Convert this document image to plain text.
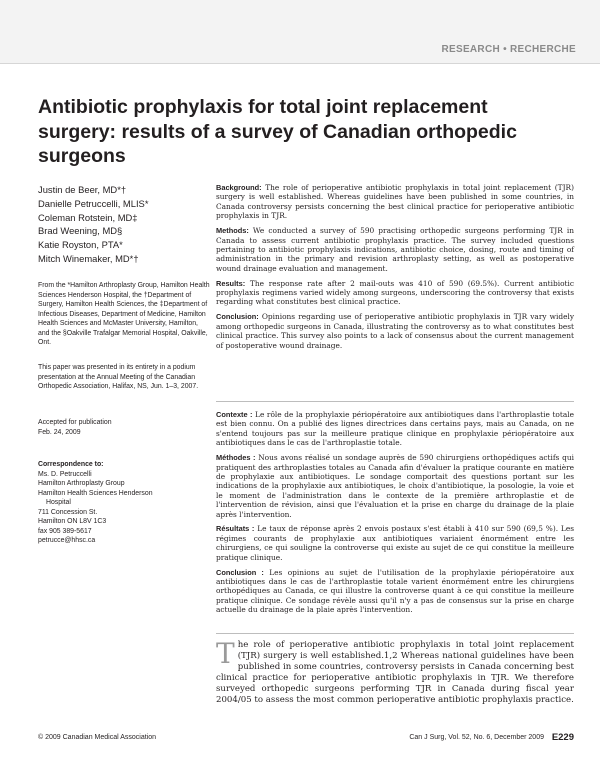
RESEARCH • RECHERCHE
Antibiotic prophylaxis for total joint replacement surgery: results of a survey of Canadian orthopedic surgeons
Justin de Beer, MD*†
Danielle Petruccelli, MLIS*
Coleman Rotstein, MD‡
Brad Weening, MD§
Katie Royston, PTA*
Mitch Winemaker, MD*†
From the *Hamilton Arthroplasty Group, Hamilton Health Sciences Henderson Hospital, the †Department of Surgery, Hamilton Health Sciences, the ‡Department of Infectious Diseases, Department of Medicine, Hamilton Health Sciences and McMaster University, Hamilton, and the §Oakville Trafalgar Memorial Hospital, Oakville, Ont.
This paper was presented in its entirety in a podium presentation at the Annual Meeting of the Canadian Orthopedic Association, Halifax, NS, Jun. 1–3, 2007.
Accepted for publication
Feb. 24, 2009
Correspondence to:
Ms. D. Petruccelli
Hamilton Arthroplasty Group
Hamilton Health Sciences Henderson
Hospital
711 Concession St.
Hamilton ON L8V 1C3
fax 905 389-5617
petrucce@hhsc.ca

Background: The role of perioperative antibiotic prophylaxis in total joint replacement (TJR) surgery is well established. Whereas guidelines have been published in some countries, in Canada controversy persists concerning the best clinical practice for perioperative antibiotic prophylaxis in TJR.

Methods: We conducted a survey of 590 practising orthopedic surgeons performing TJR in Canada to assess current antibiotic prophylaxis practice. The survey included questions pertaining to antibiotic prophylaxis indications, antibiotic choice, dosing, route and timing of administration in the primary and revision arthroplasty setting, as well as postoperative wound drainage evaluation and management.

Results: The response rate after 2 mail-outs was 410 of 590 (69.5%). Current antibiotic prophylaxis regimens varied widely among surgeons, underscoring the controversy that exists regarding what constitutes best clinical practice.

Conclusion: Opinions regarding use of perioperative antibiotic prophylaxis in TJR vary widely among orthopedic surgeons in Canada, illustrating the controversy as to what constitutes best clinical practice. This survey also points to a lack of consensus about the current management of postoperative wound drainage.

Contexte : Le rôle de la prophylaxie périopératoire aux antibiotiques dans l'arthroplastie totale est bien connu. On a publié des lignes directrices dans certains pays, mais au Canada, on ne s'entend toujours pas sur la meilleure pratique clinique en prophylaxie périopératoire aux antibiotiques dans le cas de l'arthroplastie totale.

Méthodes : Nous avons réalisé un sondage auprès de 590 chirurgiens orthopédiques actifs qui pratiquent des arthroplasties totales au Canada afin d'évaluer la pratique courante en matière de prophylaxie aux antibiotiques. Le sondage comportait des questions portant sur les indications de la prophylaxie aux antibiotiques, le choix d'antibiotique, la posologie, la voie et le moment de l'administration dans le contexte de la première arthroplastie et de l'intervention de révision, ainsi que l'évaluation et la prise en charge du drainage de la plaie après l'intervention.

Résultats : Le taux de réponse après 2 envois postaux s'est établi à 410 sur 590 (69,5 %). Les régimes courants de prophylaxie aux antibiotiques variaient énormément entre les chirurgiens, ce qui souligne la controverse qui existe au sujet de ce qui constitue la meilleure pratique clinique.

Conclusion : Les opinions au sujet de l'utilisation de la prophylaxie périopératoire aux antibiotiques dans le cas de l'arthroplastie totale varient énormément entre les chirurgiens orthopédiques au Canada, ce qui illustre la controverse quant à ce qui constitue la meilleure pratique clinique. Ce sondage révèle aussi qu'il n'y a pas de consensus sur la prise en charge actuelle du drainage de la plaie après l'intervention.

The role of perioperative antibiotic prophylaxis in total joint replacement (TJR) surgery is well established.1,2 Whereas national guidelines have been published in some countries, controversy persists in Canada concerning best clinical practice for perioperative antibiotic prophylaxis in TJR. We therefore surveyed orthopedic surgeons performing TJR in Canada during fiscal year 2004/05 to assess the most common perioperative antibiotic prophylaxis practice.
© 2009 Canadian Medical Association	Can J Surg, Vol. 52, No. 6, December 2009 E229
